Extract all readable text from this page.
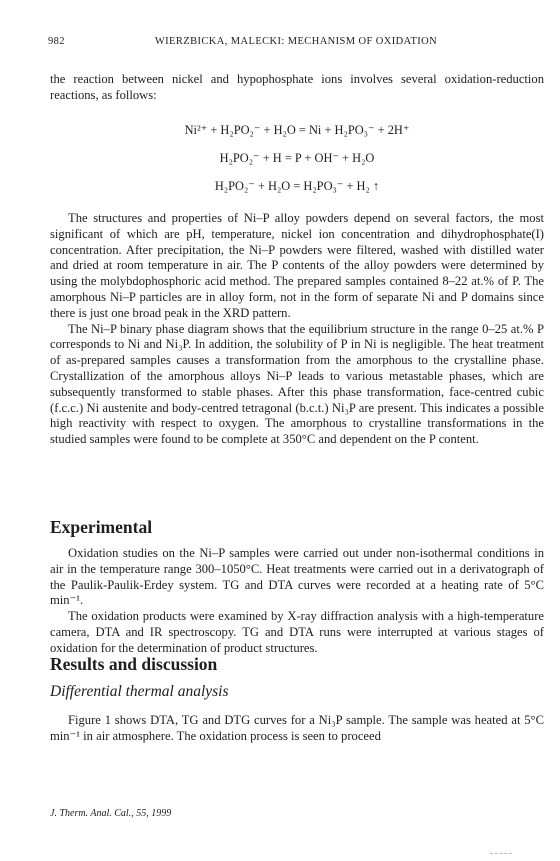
982	WIERZBICKA, MALECKI: MECHANISM OF OXIDATION

the reaction between nickel and hypophosphate ions involves several oxidation-reduction reactions, as follows:

Ni²⁺ + H₂PO₂⁻ + H₂O = Ni + H₂PO₃⁻ + 2H⁺
H₂PO₂⁻ + H = P + OH⁻ + H₂O
H₂PO₂⁻ + H₂O = H₂PO₃⁻ + H₂ ↑

The structures and properties of Ni–P alloy powders depend on several factors, the most significant of which are pH, temperature, nickel ion concentration and dihydrophosphate(I) concentration. After precipitation, the Ni–P powders were filtered, washed with distilled water and dried at room temperature in air. The P contents of the alloy powders were determined by using the molybdophosphoric acid method. The prepared samples contained 8–22 at.% of P. The amorphous Ni–P particles are in alloy form, not in the form of separate Ni and P domains since there is just one broad peak in the XRD pattern.

The Ni–P binary phase diagram shows that the equilibrium structure in the range 0–25 at.% P corresponds to Ni and Ni₃P. In addition, the solubility of P in Ni is negligible. The heat treatment of as-prepared samples causes a transformation from the amorphous to the crystalline phase. Crystallization of the amorphous alloys Ni–P leads to various metastable phases, which are subsequently transformed to stable phases. After this phase transformation, face-centred cubic (f.c.c.) Ni austenite and body-centred tetragonal (b.c.t.) Ni₃P are present. This indicates a possible high reactivity with respect to oxygen. The amorphous to crystalline transformations in the studied samples were found to be complete at 350°C and dependent on the P content.

Experimental

Oxidation studies on the Ni–P samples were carried out under non-isothermal conditions in air in the temperature range 300–1050°C. Heat treatments were carried out in a derivatograph of the Paulik-Paulik-Erdey system. TG and DTA curves were recorded at a heating rate of 5°C min⁻¹.

The oxidation products were examined by X-ray diffraction analysis with a high-temperature camera, DTA and IR spectroscopy. TG and DTA runs were interrupted at various stages of oxidation for the determination of product structures.

Results and discussion
Differential thermal analysis

Figure 1 shows DTA, TG and DTG curves for a Ni₃P sample. The sample was heated at 5°C min⁻¹ in air atmosphere. The oxidation process is seen to proceed

J. Therm. Anal. Cal., 55, 1999
